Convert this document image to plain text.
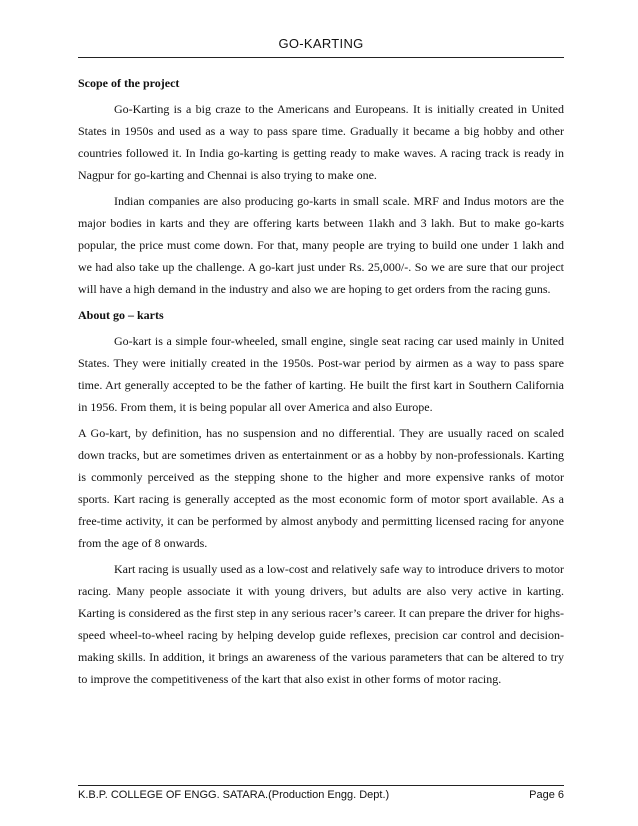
GO-KARTING
Scope of the project

Go-Karting is a big craze to the Americans and Europeans. It is initially created in United States in 1950s and used as a way to pass spare time. Gradually it became a big hobby and other countries followed it. In India go-karting is getting ready to make waves. A racing track is ready in Nagpur for go-karting and Chennai is also trying to make one.

Indian companies are also producing go-karts in small scale. MRF and Indus motors are the major bodies in karts and they are offering karts between 1lakh and 3 lakh. But to make go-karts popular, the price must come down. For that, many people are trying to build one under 1 lakh and we had also take up the challenge. A go-kart just under Rs. 25,000/-. So we are sure that our project will have a high demand in the industry and also we are hoping to get orders from the racing guns.

About go – karts

Go-kart is a simple four-wheeled, small engine, single seat racing car used mainly in United States. They were initially created in the 1950s. Post-war period by airmen as a way to pass spare time. Art generally accepted to be the father of karting. He built the first kart in Southern California in 1956. From them, it is being popular all over America and also Europe.

A Go-kart, by definition, has no suspension and no differential. They are usually raced on scaled down tracks, but are sometimes driven as entertainment or as a hobby by non-professionals. Karting is commonly perceived as the stepping shone to the higher and more expensive ranks of motor sports. Kart racing is generally accepted as the most economic form of motor sport available. As a free-time activity, it can be performed by almost anybody and permitting licensed racing for anyone from the age of 8 onwards.

Kart racing is usually used as a low-cost and relatively safe way to introduce drivers to motor racing. Many people associate it with young drivers, but adults are also very active in karting. Karting is considered as the first step in any serious racer’s career. It can prepare the driver for highs-speed wheel-to-wheel racing by helping develop guide reflexes, precision car control and decision-making skills. In addition, it brings an awareness of the various parameters that can be altered to try to improve the competitiveness of the kart that also exist in other forms of motor racing.

K.B.P. COLLEGE OF ENGG. SATARA.(Production Engg. Dept.)	Page 6
